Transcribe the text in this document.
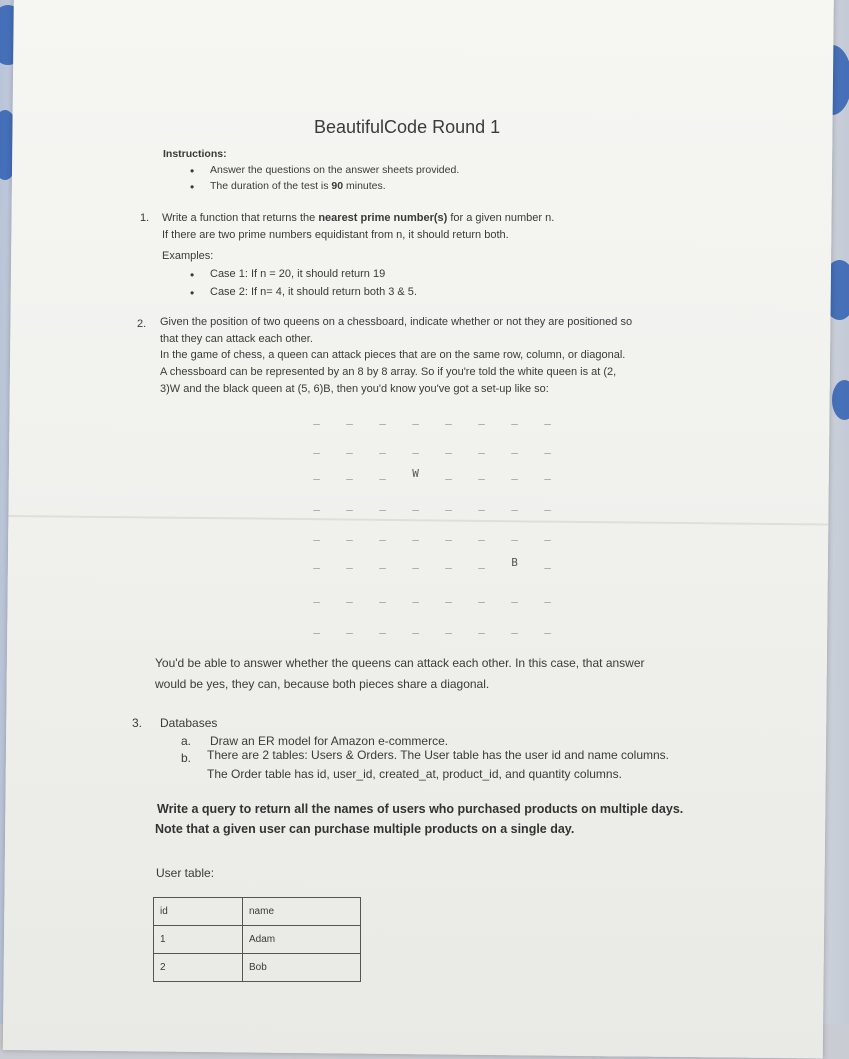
BeautifulCode Round 1
Instructions:
• Answer the questions on the answer sheets provided.
• The duration of the test is 90 minutes.
1. Write a function that returns the nearest prime number(s) for a given number n.
If there are two prime numbers equidistant from n, it should return both.
Examples:
• Case 1: If n = 20, it should return 19
• Case 2: If n= 4, it should return both 3 & 5.
2. Given the position of two queens on a chessboard, indicate whether or not they are positioned so
that they can attack each other.
In the game of chess, a queen can attack pieces that are on the same row, column, or diagonal.
A chessboard can be represented by an 8 by 8 array. So if you're told the white queen is at (2,
3)W and the black queen at (5, 6)B, then you'd know you've got a set-up like so:
_	_	_	_	_	_	_	_
_	_	_	_	_	_	_	_
_	_	_	W	_	_	_	_
_	_	_	_	_	_	_	_
_	_	_	_	_	_	_	_
_	_	_	_	_	_	B	_
_	_	_	_	_	_	_	_
_	_	_	_	_	_	_	_
You'd be able to answer whether the queens can attack each other. In this case, that answer
would be yes, they can, because both pieces share a diagonal.
3. Databases
a. Draw an ER model for Amazon e-commerce.
b. There are 2 tables: Users & Orders. The User table has the user id and name columns.
The Order table has id, user_id, created_at, product_id, and quantity columns.
Write a query to return all the names of users who purchased products on multiple days.
Note that a given user can purchase multiple products on a single day.
User table:
id	name
1	Adam
2	Bob
